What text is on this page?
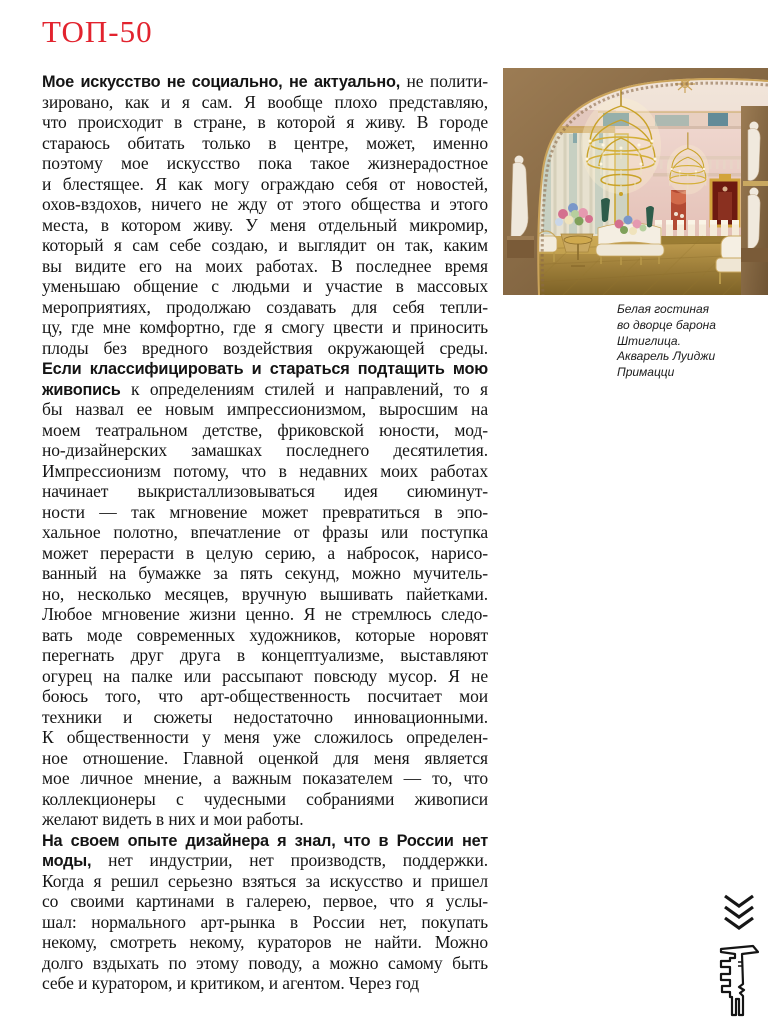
ТОП-50
Мое искусство не социально, не актуально, не полити-
зировано, как и я сам. Я вообще плохо представляю,
что происходит в стране, в которой я живу. В городе
стараюсь обитать только в центре, может, именно
поэтому мое искусство пока такое жизнерадостное
и блестящее. Я как могу ограждаю себя от новостей,
охов-вздохов, ничего не жду от этого общества и этого
места, в котором живу. У меня отдельный микромир,
который я сам себе создаю, и выглядит он так, каким
вы видите его на моих работах. В последнее время
уменьшаю общение с людьми и участие в массовых
мероприятиях, продолжаю создавать для себя тепли-
цу, где мне комфортно, где я смогу цвести и приносить
плоды без вредного воздействия окружающей среды.
Если классифицировать и стараться подтащить мою
живопись к определениям стилей и направлений, то я
бы назвал ее новым импрессионизмом, выросшим на
моем театральном детстве, фриковской юности, мод-
но-дизайнерских замашках последнего десятилетия.
Импрессионизм потому, что в недавних моих работах
начинает выкристаллизовываться идея сиюминут-
ности — так мгновение может превратиться в эпо-
хальное полотно, впечатление от фразы или поступка
может перерасти в целую серию, а набросок, нарисо-
ванный на бумажке за пять секунд, можно мучитель-
но, несколько месяцев, вручную вышивать пайетками.
Любое мгновение жизни ценно. Я не стремлюсь следо-
вать моде современных художников, которые норовят
перегнать друг друга в концептуализме, выставляют
огурец на палке или рассыпают повсюду мусор. Я не
боюсь того, что арт-общественность посчитает мои
техники и сюжеты недостаточно инновационными.
К общественности у меня уже сложилось определен-
ное отношение. Главной оценкой для меня является
мое личное мнение, а важным показателем — то, что
коллекционеры с чудесными собраниями живописи
желают видеть в них и мои работы.
На своем опыте дизайнера я знал, что в России нет
моды, нет индустрии, нет производств, поддержки.
Когда я решил серьезно взяться за искусство и пришел
со своими картинами в галерею, первое, что я услы-
шал: нормального арт-рынка в России нет, покупать
некому, смотреть некому, кураторов не найти. Можно
долго вздыхать по этому поводу, а можно самому быть
себе и куратором, и критиком, и агентом. Через год
Белая гостиная
во дворце барона
Штиглица.
Акварель Луиджи
Примацци
